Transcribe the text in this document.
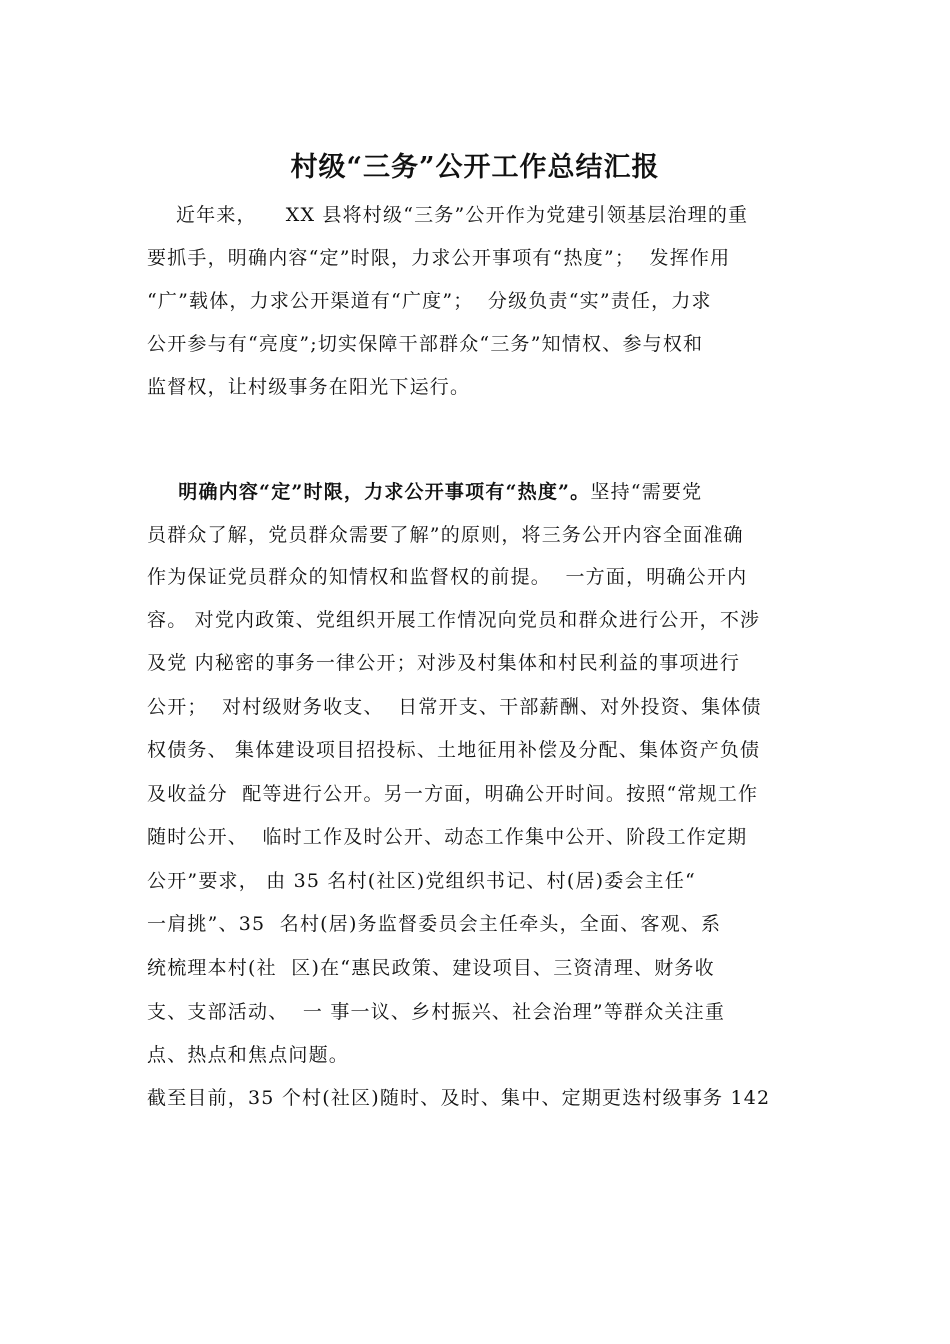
村级“三务”公开工作总结汇报

近年来，    XX 县将村级“三务”公开作为党建引领基层治理的重

要抓手，明确内容“定”时限，力求公开事项有“热度”；  发挥作用

“广”载体，力求公开渠道有“广度”；  分级负责“实”责任，力求

公开参与有“亮度”;切实保障干部群众“三务”知情权、参与权和

监督权，让村级事务在阳光下运行。

明确内容“定”时限，力求公开事项有“热度”。坚持“需要党

员群众了解，党员群众需要了解”的原则，将三务公开内容全面准确

作为保证党员群众的知情权和监督权的前提。  一方面，明确公开内

容。 对党内政策、党组织开展工作情况向党员和群众进行公开，不涉

及党 内秘密的事务一律公开；对涉及村集体和村民利益的事项进行

公开；  对村级财务收支、  日常开支、干部薪酬、对外投资、集体债

权债务、 集体建设项目招投标、土地征用补偿及分配、集体资产负债

及收益分  配等进行公开。另一方面，明确公开时间。按照“常规工作

随时公开、  临时工作及时公开、动态工作集中公开、阶段工作定期

公开”要求， 由 35 名村(社区)党组织书记、村(居)委会主任“

一肩挑”、35  名村(居)务监督委员会主任牵头，全面、客观、系

统梳理本村(社  区)在“惠民政策、建设项目、三资清理、财务收

支、支部活动、  一 事一议、乡村振兴、社会治理”等群众关注重

点、热点和焦点问题。

截至目前，35 个村(社区)随时、及时、集中、定期更迭村级事务 142
